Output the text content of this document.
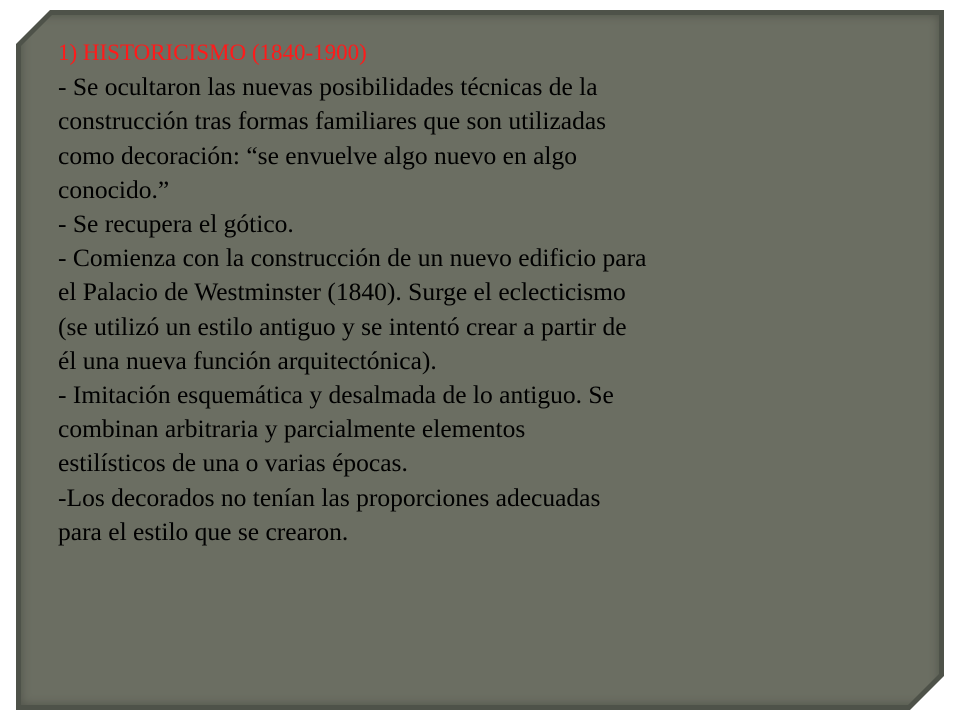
1) HISTORICISMO (1840-1900)

- Se ocultaron las nuevas posibilidades técnicas de la

construcción tras formas familiares que son utilizadas

como decoración: “se envuelve algo nuevo en algo

conocido.”

- Se recupera el gótico.

- Comienza con la construcción de un nuevo edificio para

el Palacio de Westminster (1840). Surge el eclecticismo

(se utilizó un estilo antiguo y se intentó crear a partir de

él una nueva función arquitectónica).

- Imitación esquemática y desalmada de lo antiguo. Se

combinan arbitraria y parcialmente elementos

estilísticos de una o varias épocas.

-Los decorados no tenían las proporciones adecuadas

para el estilo que se crearon.
